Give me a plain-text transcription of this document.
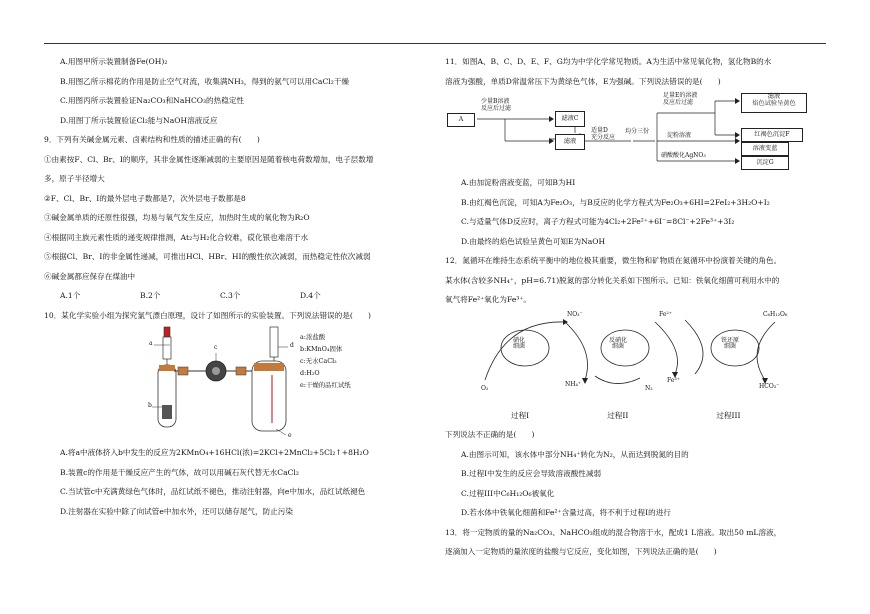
A.用图甲所示装置制备Fe(OH)₂
B.用图乙所示棉花的作用是防止空气对流，收集满NH₃，得到的氨气可以用CaCl₂干燥
C.用图丙所示装置验证Na₂CO₃和NaHCO₃的热稳定性
D.用图丁所示装置验证Cl₂能与NaOH溶液反应
9．下列有关碱金属元素、卤素结构和性质的描述正确的有(　　)
①由素按F、Cl、Br、I的顺序，其非金属性逐渐减弱的主要原因是随着核电荷数增加，电子层数增
多，原子半径增大
②F、Cl、Br、I的最外层电子数都是7，次外层电子数都是8
③碱金属单质的还原性很强，均易与氧气发生反应，加热时生成的氧化物为R₂O
④根据同主族元素性质的递变规律推测，At₂与H₂化合较难，砹化银也难溶于水
⑤根据Cl、Br、I的非金属性递减，可推出HCl、HBr、HI的酸性依次减弱，而热稳定性依次减弱
⑥碱金属都应保存在煤油中
A.1个	B.2个	C.3个	D.4个
10．某化学实验小组为探究氯气漂白原理，设计了如图所示的实验装置。下列说法错误的是(　　)
a
b
c	d
e
a:浓盐酸
b:KMnO₄固体
c:无水CaCl₂
d:H₂O
e:干燥的品红试纸
A.将a中液体挤入b中发生的反应为2KMnO₄+16HCl(浓)=2KCl+2MnCl₂+5Cl₂↑+8H₂O
B.装置c的作用是干燥反应产生的气体，故可以用碱石灰代替无水CaCl₂
C.当试管c中充满黄绿色气体时，品红试纸不褪色，推动注射器，向e中加水，品红试纸褪色
D.注射器在实验中除了向试管e中加水外，还可以储存尾气，防止污染
11．如图A、B、C、D、E、F、G均为中学化学常见物质。A为生活中常见氧化物，氢化物B的水
溶液为强酸，单质D常温常压下为黄绿色气体，E为强碱。下列说法错误的是(　　)
A
少量B溶液
反应后过滤
滤液C
滤液
适量D
充分反应
均分三份
足量E的溶液
反应后过滤
淀粉溶液
硝酸酸化AgNO₃
滤液
焰色试验呈黄色
红褐色沉淀F
溶液变蓝
沉淀G
A.由加淀粉溶液变蓝，可知B为HI
B.由红褐色沉淀，可知A为Fe₂O₃，与B反应的化学方程式为Fe₂O₃+6HI=2FeI₂+3H₂O+I₂
C.与适量气体D反应时，离子方程式可能为4Cl₂+2Fe²⁺+6I⁻=8Cl⁻+2Fe³⁺+3I₂
D.由最终的焰色试验呈黄色可知E为NaOH
12．氮循环在维持生态系统平衡中的地位极其重要，微生物和矿物质在氮循环中扮演着关键的角色。
某水体(含较多NH₄⁺，pH=6.71)脱氮的部分转化关系如下图所示。已知：铁氧化细菌可利用水中的
氧气将Fe²⁺氧化为Fe³⁺。
硝化
细菌
反硝化
细菌
铁还原
细菌
NO₃⁻
NH₄⁺
O₂	N₂
Fe²⁺
Fe³⁺
C₆H₁₂O₆
HCO₃⁻
过程I	过程II	过程III
下列说法不正确的是(　　)
A.由图示可知，该水体中部分NH₄⁺转化为N₂，从而达到脱氮的目的
B.过程I中发生的反应会导致溶液酸性减弱
C.过程III中C₆H₁₂O₆被氧化
D.若水体中铁氧化细菌和Fe²⁺含量过高，将不利于过程I的进行
13．将一定物质的量的Na₂CO₃、NaHCO₃组成的混合物溶于水，配成1 L溶液。取出50 mL溶液，
逐滴加入一定物质的量浓度的盐酸与它反应，变化如图，下列说法正确的是(　　)
